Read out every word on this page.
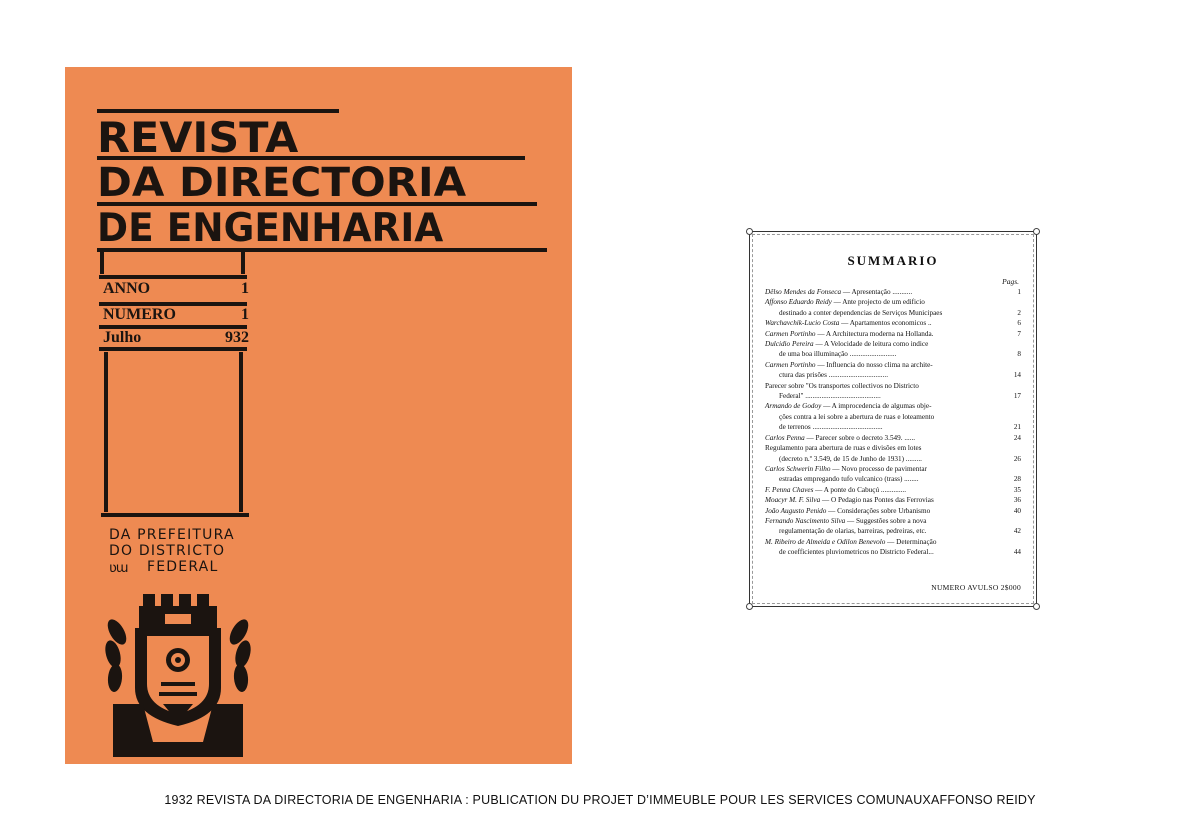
REVISTA
DA DIRECTORIA
DE ENGENHARIA
ANNO	1
NUMERO	1
Julho	932
DA PREFEITURA
DO DISTRICTO
FEDERAL
ʋɯ
SUMMARIO
Pags.
Dêlso Mendes da Fonseca — Apresentação ...........	1
Affonso Eduardo Reidy — Ante projecto de um edificio
destinado a conter dependencias de Serviços Municipaes	2
Warchavchik-Lucio Costa — Apartamentos economicos ..	6
Carmen Portinho — A Architectura moderna na Hollanda.	7
Dulcidio Pereira — A Velocidade de leitura como indice
de uma boa illuminação ..........................	8
Carmen Portinho — Influencia do nosso clima na archite-
ctura das prisões .................................	14
Parecer sobre "Os transportes collectivos no Districto
Federal" ..........................................	17
Armando de Godoy — A improcedencia de algumas obje-
ções contra a lei sobre a abertura de ruas e loteamento
de terrenos .......................................	21
Carlos Penna — Parecer sobre o decreto 3.549. ......	24
Regulamento para abertura de ruas e divisões em lotes
(decreto n.º 3.549, de 15 de Junho de 1931) .........	26
Carlos Schwerin Filho — Novo processo de pavimentar
estradas empregando tufo vulcanico (trass) ........	28
F. Penna Chaves — A ponte do Cabuçú ..............	35
Moacyr M. F. Silva — O Pedagio nas Pontes das Ferrovias	36
João Augusto Penido — Considerações sobre Urbanismo	40
Fernando Nascimento Silva — Suggestões sobre a nova
regulamentação de olarias, barreiras, pedreiras, etc.	42
M. Ribeiro de Almeida e Odilon Benevolo — Determinação
de coefficientes pluviometricos no Districto Federal...	44
NUMERO AVULSO 2$000
1932 REVISTA DA DIRECTORIA DE ENGENHARIA : PUBLICATION DU PROJET D’IMMEUBLE POUR LES SERVICES COMUNAUXAFFONSO REIDY
